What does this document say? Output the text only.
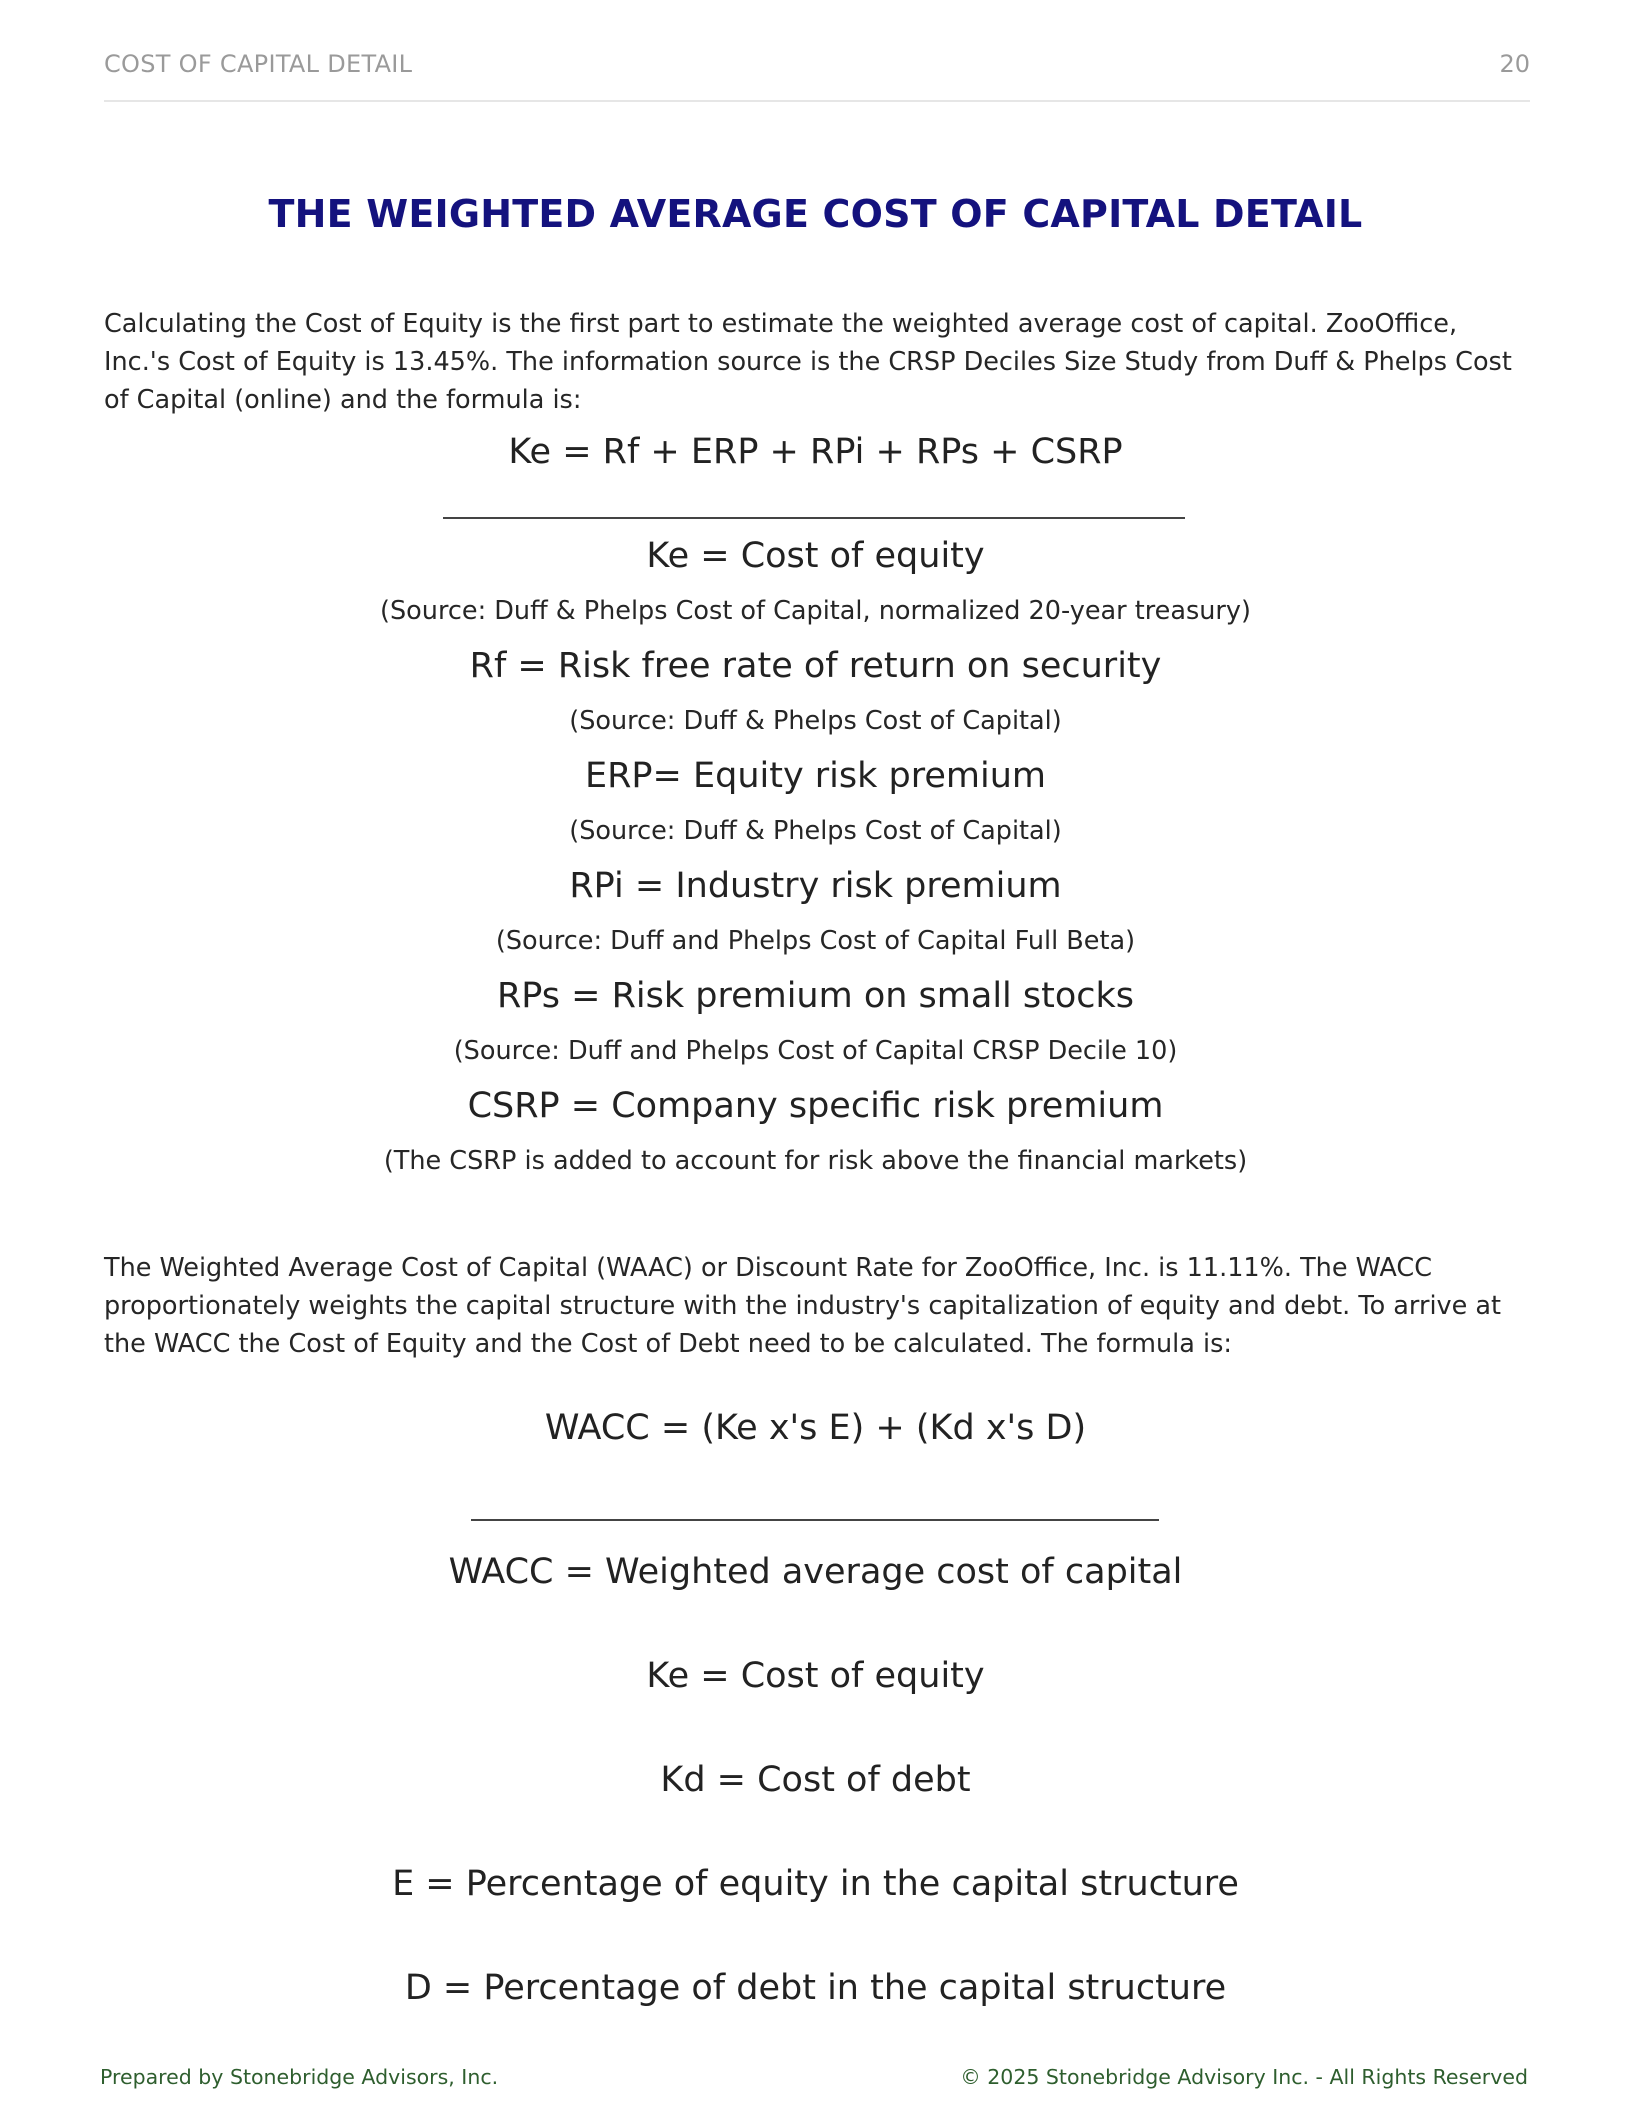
COST OF CAPITAL DETAIL	20
THE WEIGHTED AVERAGE COST OF CAPITAL DETAIL
Calculating the Cost of Equity is the first part to estimate the weighted average cost of capital. ZooOffice, Inc.'s Cost of Equity is 13.45%. The information source is the CRSP Deciles Size Study from Duff & Phelps Cost of Capital (online) and the formula is:
Ke = Rf + ERP + RPi + RPs + CSRP
Ke = Cost of equity
(Source: Duff & Phelps Cost of Capital, normalized 20-year treasury)
Rf = Risk free rate of return on security
(Source: Duff & Phelps Cost of Capital)
ERP= Equity risk premium
(Source: Duff & Phelps Cost of Capital)
RPi = Industry risk premium
(Source: Duff and Phelps Cost of Capital Full Beta)
RPs = Risk premium on small stocks
(Source: Duff and Phelps Cost of Capital CRSP Decile 10)
CSRP = Company specific risk premium
(The CSRP is added to account for risk above the financial markets)
The Weighted Average Cost of Capital (WAAC) or Discount Rate for ZooOffice, Inc. is 11.11%. The WACC proportionately weights the capital structure with the industry's capitalization of equity and debt. To arrive at the WACC the Cost of Equity and the Cost of Debt need to be calculated. The formula is:
WACC = (Ke x's E) + (Kd x's D)
WACC = Weighted average cost of capital
Ke = Cost of equity
Kd = Cost of debt
E = Percentage of equity in the capital structure
D = Percentage of debt in the capital structure
Prepared by Stonebridge Advisors, Inc.	© 2025 Stonebridge Advisory Inc. - All Rights Reserved
